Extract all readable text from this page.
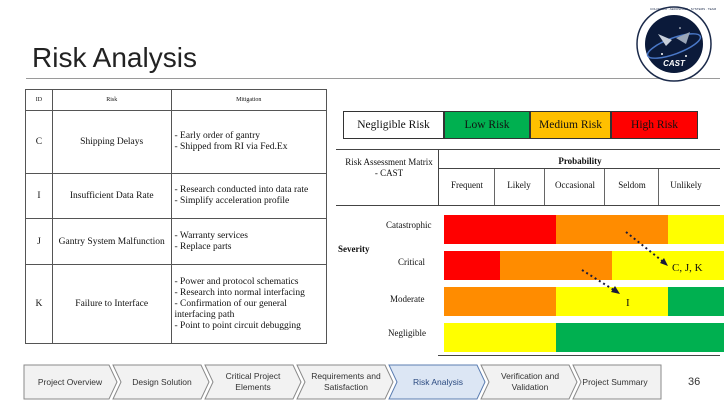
Risk Analysis
COLORADO · AEROSPACE · SYSTEMS · TEAM
CAST
ID	Risk	Mitigation
C	Shipping Delays	- Early order of gantry
- Shipped from RI via Fed.Ex

I	Insufficient Data Rate	- Research conducted into data rate
- Simplify acceleration profile

J	Gantry System Malfunction	- Warranty services
- Replace parts

K	Failure to Interface	- Power and protocol schematics
- Research into normal interfacing
- Confirmation of our general interfacing path
- Point to point circuit debugging
Negligible Risk	Low Risk	Medium Risk	High Risk
Risk Assessment Matrix - CAST
Probability
Frequent	Likely	Occasional	Seldom	Unlikely
Severity
Catastrophic
Critical
Moderate
Negligible
C, J, K
I
Project Overview	Design Solution
Critical Project Elements
Requirements and Satisfaction
Risk Analysis
Verification and Validation
Project Summary	36
